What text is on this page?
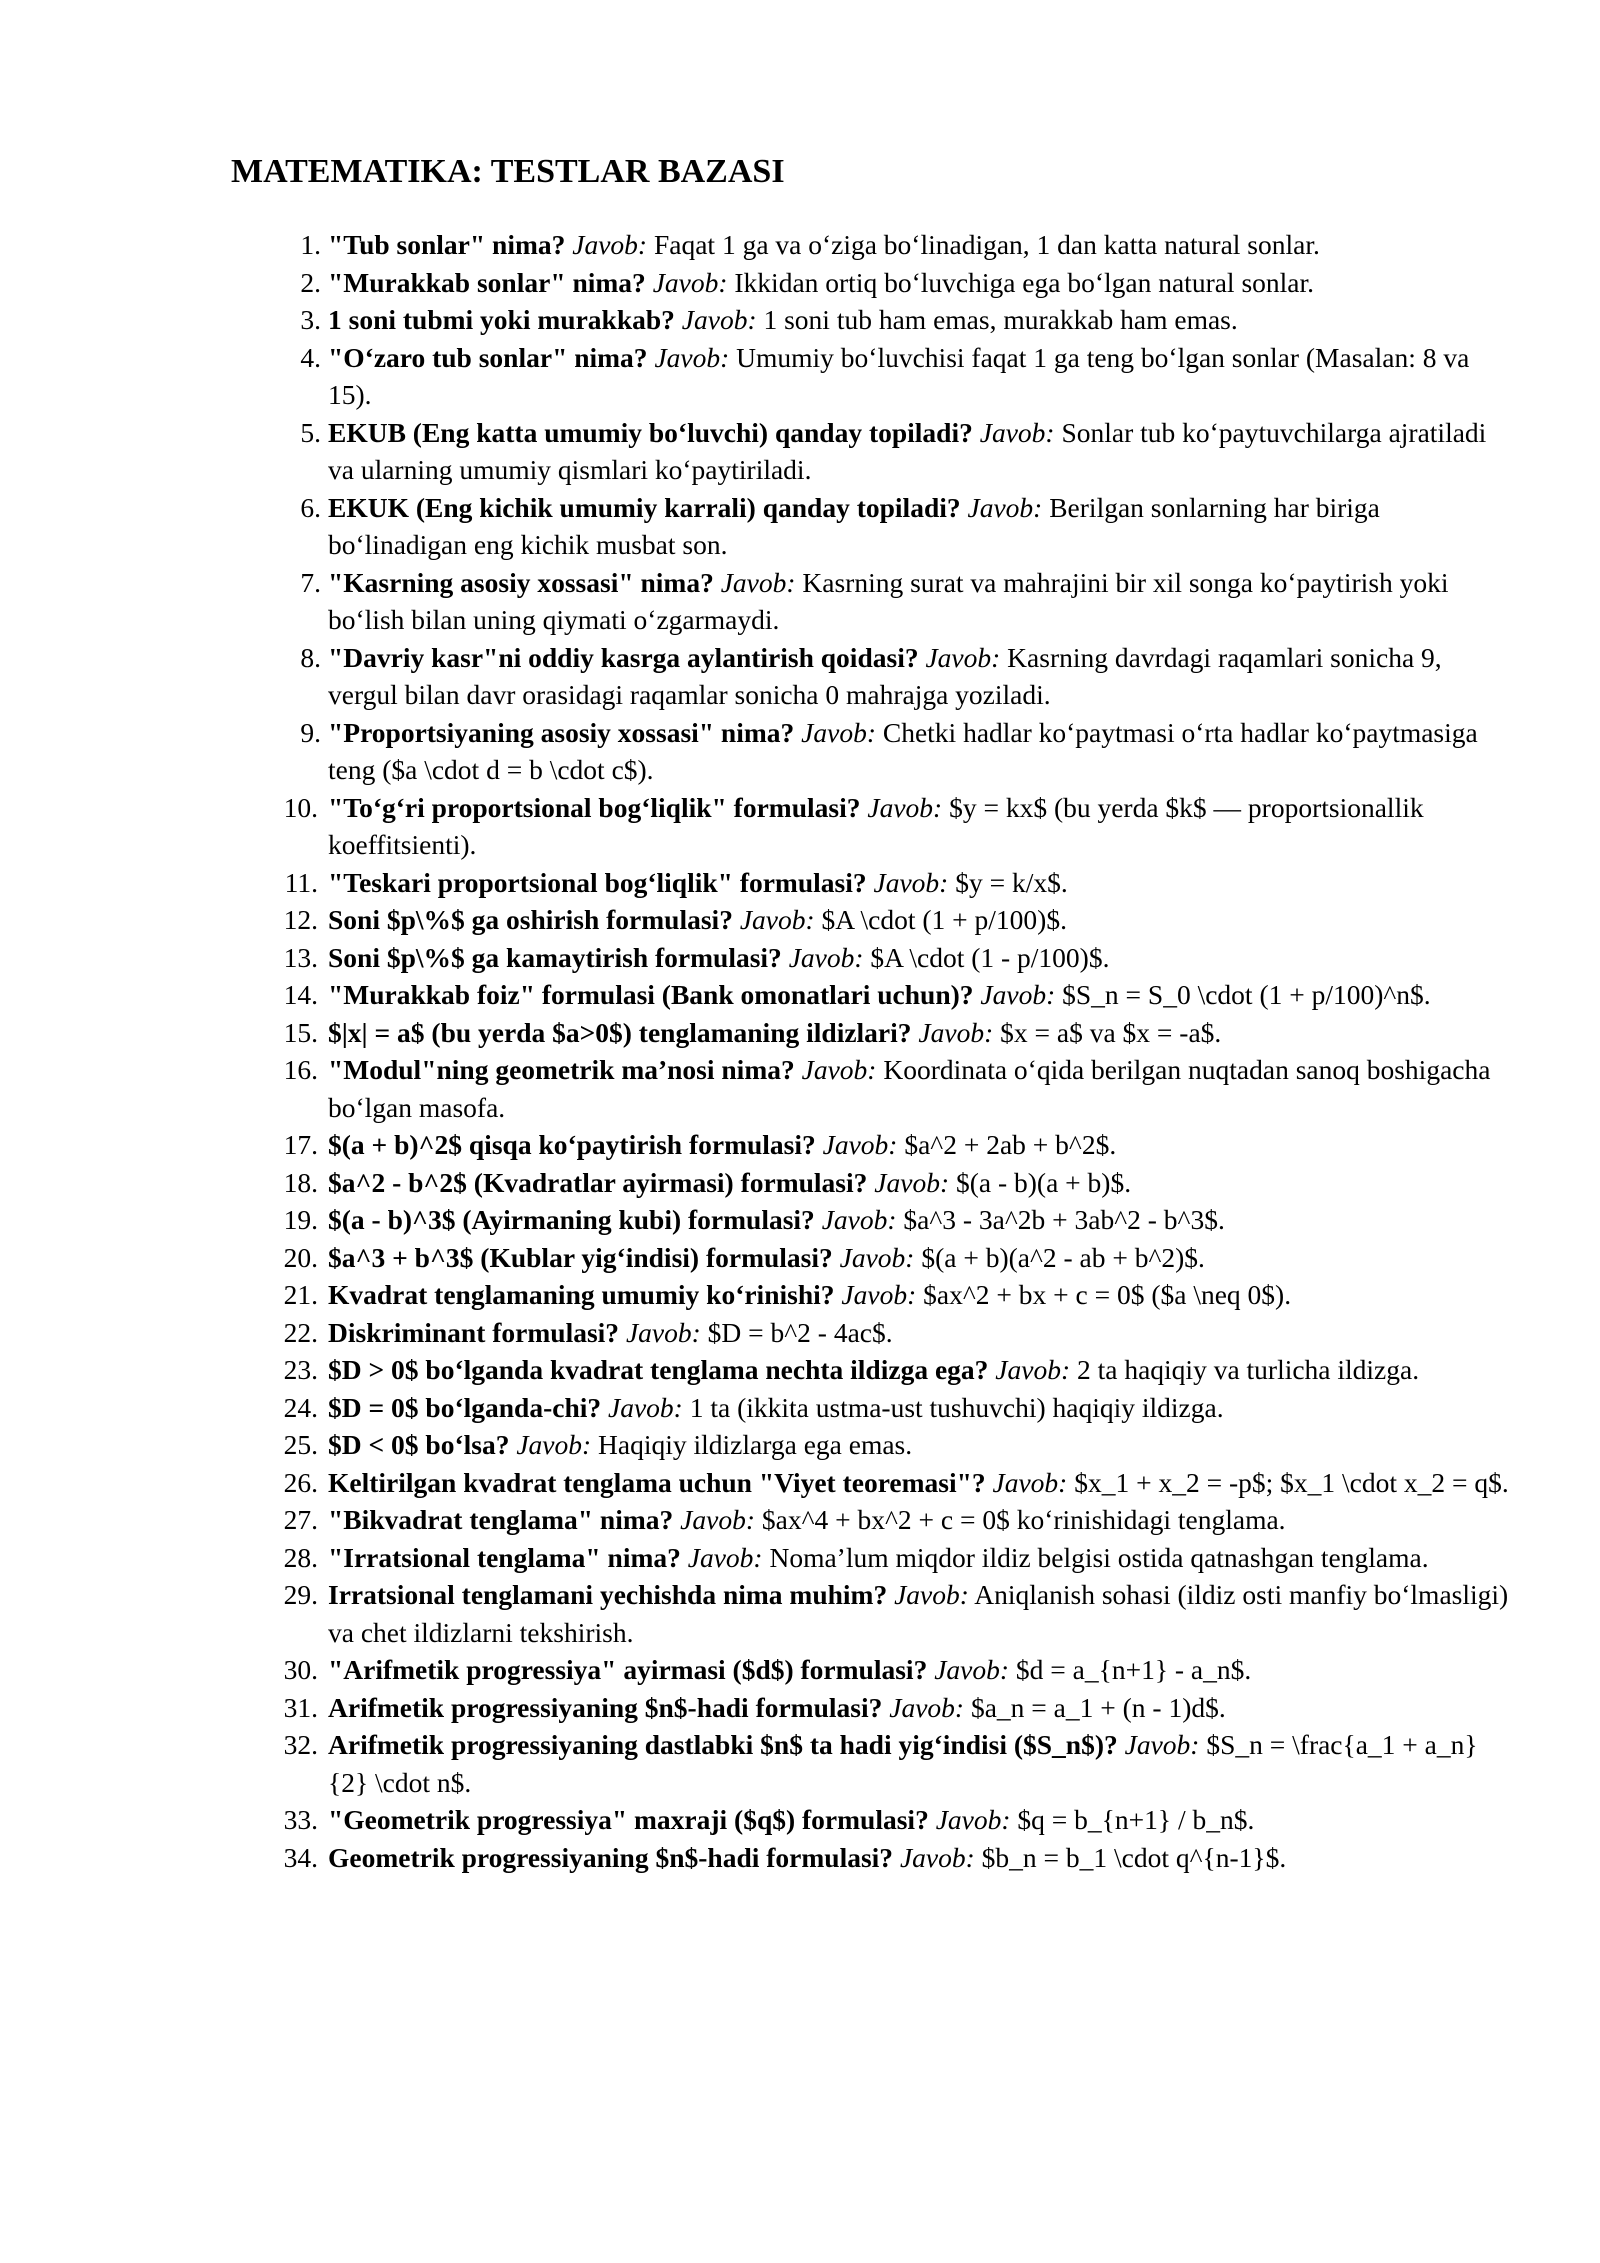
MATEMATIKA: TESTLAR BAZASI
1. "Tub sonlar" nima? Javob: Faqat 1 ga va o‘ziga bo‘linadigan, 1 dan katta natural sonlar.
2. "Murakkab sonlar" nima? Javob: Ikkidan ortiq bo‘luvchiga ega bo‘lgan natural sonlar.
3. 1 soni tubmi yoki murakkab? Javob: 1 soni tub ham emas, murakkab ham emas.
4. "O‘zaro tub sonlar" nima? Javob: Umumiy bo‘luvchisi faqat 1 ga teng bo‘lgan sonlar (Masalan: 8 va 15).
5. EKUB (Eng katta umumiy bo‘luvchi) qanday topiladi? Javob: Sonlar tub ko‘paytuvchilarga ajratiladi va ularning umumiy qismlari ko‘paytiriladi.
6. EKUK (Eng kichik umumiy karrali) qanday topiladi? Javob: Berilgan sonlarning har biriga bo‘linadigan eng kichik musbat son.
7. "Kasrning asosiy xossasi" nima? Javob: Kasrning surat va mahrajini bir xil songa ko‘paytirish yoki bo‘lish bilan uning qiymati o‘zgarmaydi.
8. "Davriy kasr"ni oddiy kasrga aylantirish qoidasi? Javob: Kasrning davrdagi raqamlari sonicha 9, vergul bilan davr orasidagi raqamlar sonicha 0 mahrajga yoziladi.
9. "Proportsiyaning asosiy xossasi" nima? Javob: Chetki hadlar ko‘paytmasi o‘rta hadlar ko‘paytmasiga teng ($a \cdot d = b \cdot c$).
10. "To‘g‘ri proportsional bog‘liqlik" formulasi? Javob: $y = kx$ (bu yerda $k$ — proportsionallik koeffitsienti).
11. "Teskari proportsional bog‘liqlik" formulasi? Javob: $y = k/x$.
12. Soni $p\%$ ga oshirish formulasi? Javob: $A \cdot (1 + p/100)$.
13. Soni $p\%$ ga kamaytirish formulasi? Javob: $A \cdot (1 - p/100)$.
14. "Murakkab foiz" formulasi (Bank omonatlari uchun)? Javob: $S_n = S_0 \cdot (1 + p/100)^n$.
15. $|x| = a$ (bu yerda $a>0$) tenglamaning ildizlari? Javob: $x = a$ va $x = -a$.
16. "Modul"ning geometrik ma’nosi nima? Javob: Koordinata o‘qida berilgan nuqtadan sanoq boshigacha bo‘lgan masofa.
17. $(a + b)^2$ qisqa ko‘paytirish formulasi? Javob: $a^2 + 2ab + b^2$.
18. $a^2 - b^2$ (Kvadratlar ayirmasi) formulasi? Javob: $(a - b)(a + b)$.
19. $(a - b)^3$ (Ayirmaning kubi) formulasi? Javob: $a^3 - 3a^2b + 3ab^2 - b^3$.
20. $a^3 + b^3$ (Kublar yig‘indisi) formulasi? Javob: $(a + b)(a^2 - ab + b^2)$.
21. Kvadrat tenglamaning umumiy ko‘rinishi? Javob: $ax^2 + bx + c = 0$ ($a \neq 0$).
22. Diskriminant formulasi? Javob: $D = b^2 - 4ac$.
23. $D > 0$ bo‘lganda kvadrat tenglama nechta ildizga ega? Javob: 2 ta haqiqiy va turlicha ildizga.
24. $D = 0$ bo‘lganda-chi? Javob: 1 ta (ikkita ustma-ust tushuvchi) haqiqiy ildizga.
25. $D < 0$ bo‘lsa? Javob: Haqiqiy ildizlarga ega emas.
26. Keltirilgan kvadrat tenglama uchun "Viyet teoremasi"? Javob: $x_1 + x_2 = -p$; $x_1 \cdot x_2 = q$.
27. "Bikvadrat tenglama" nima? Javob: $ax^4 + bx^2 + c = 0$ ko‘rinishidagi tenglama.
28. "Irratsional tenglama" nima? Javob: Noma’lum miqdor ildiz belgisi ostida qatnashgan tenglama.
29. Irratsional tenglamani yechishda nima muhim? Javob: Aniqlanish sohasi (ildiz osti manfiy bo‘lmasligi) va chet ildizlarni tekshirish.
30. "Arifmetik progressiya" ayirmasi ($d$) formulasi? Javob: $d = a_{n+1} - a_n$.
31. Arifmetik progressiyaning $n$-hadi formulasi? Javob: $a_n = a_1 + (n - 1)d$.
32. Arifmetik progressiyaning dastlabki $n$ ta hadi yig‘indisi ($S_n$)? Javob: $S_n = \frac{a_1 + a_n}{2} \cdot n$.
33. "Geometrik progressiya" maxraji ($q$) formulasi? Javob: $q = b_{n+1} / b_n$.
34. Geometrik progressiyaning $n$-hadi formulasi? Javob: $b_n = b_1 \cdot q^{n-1}$.
